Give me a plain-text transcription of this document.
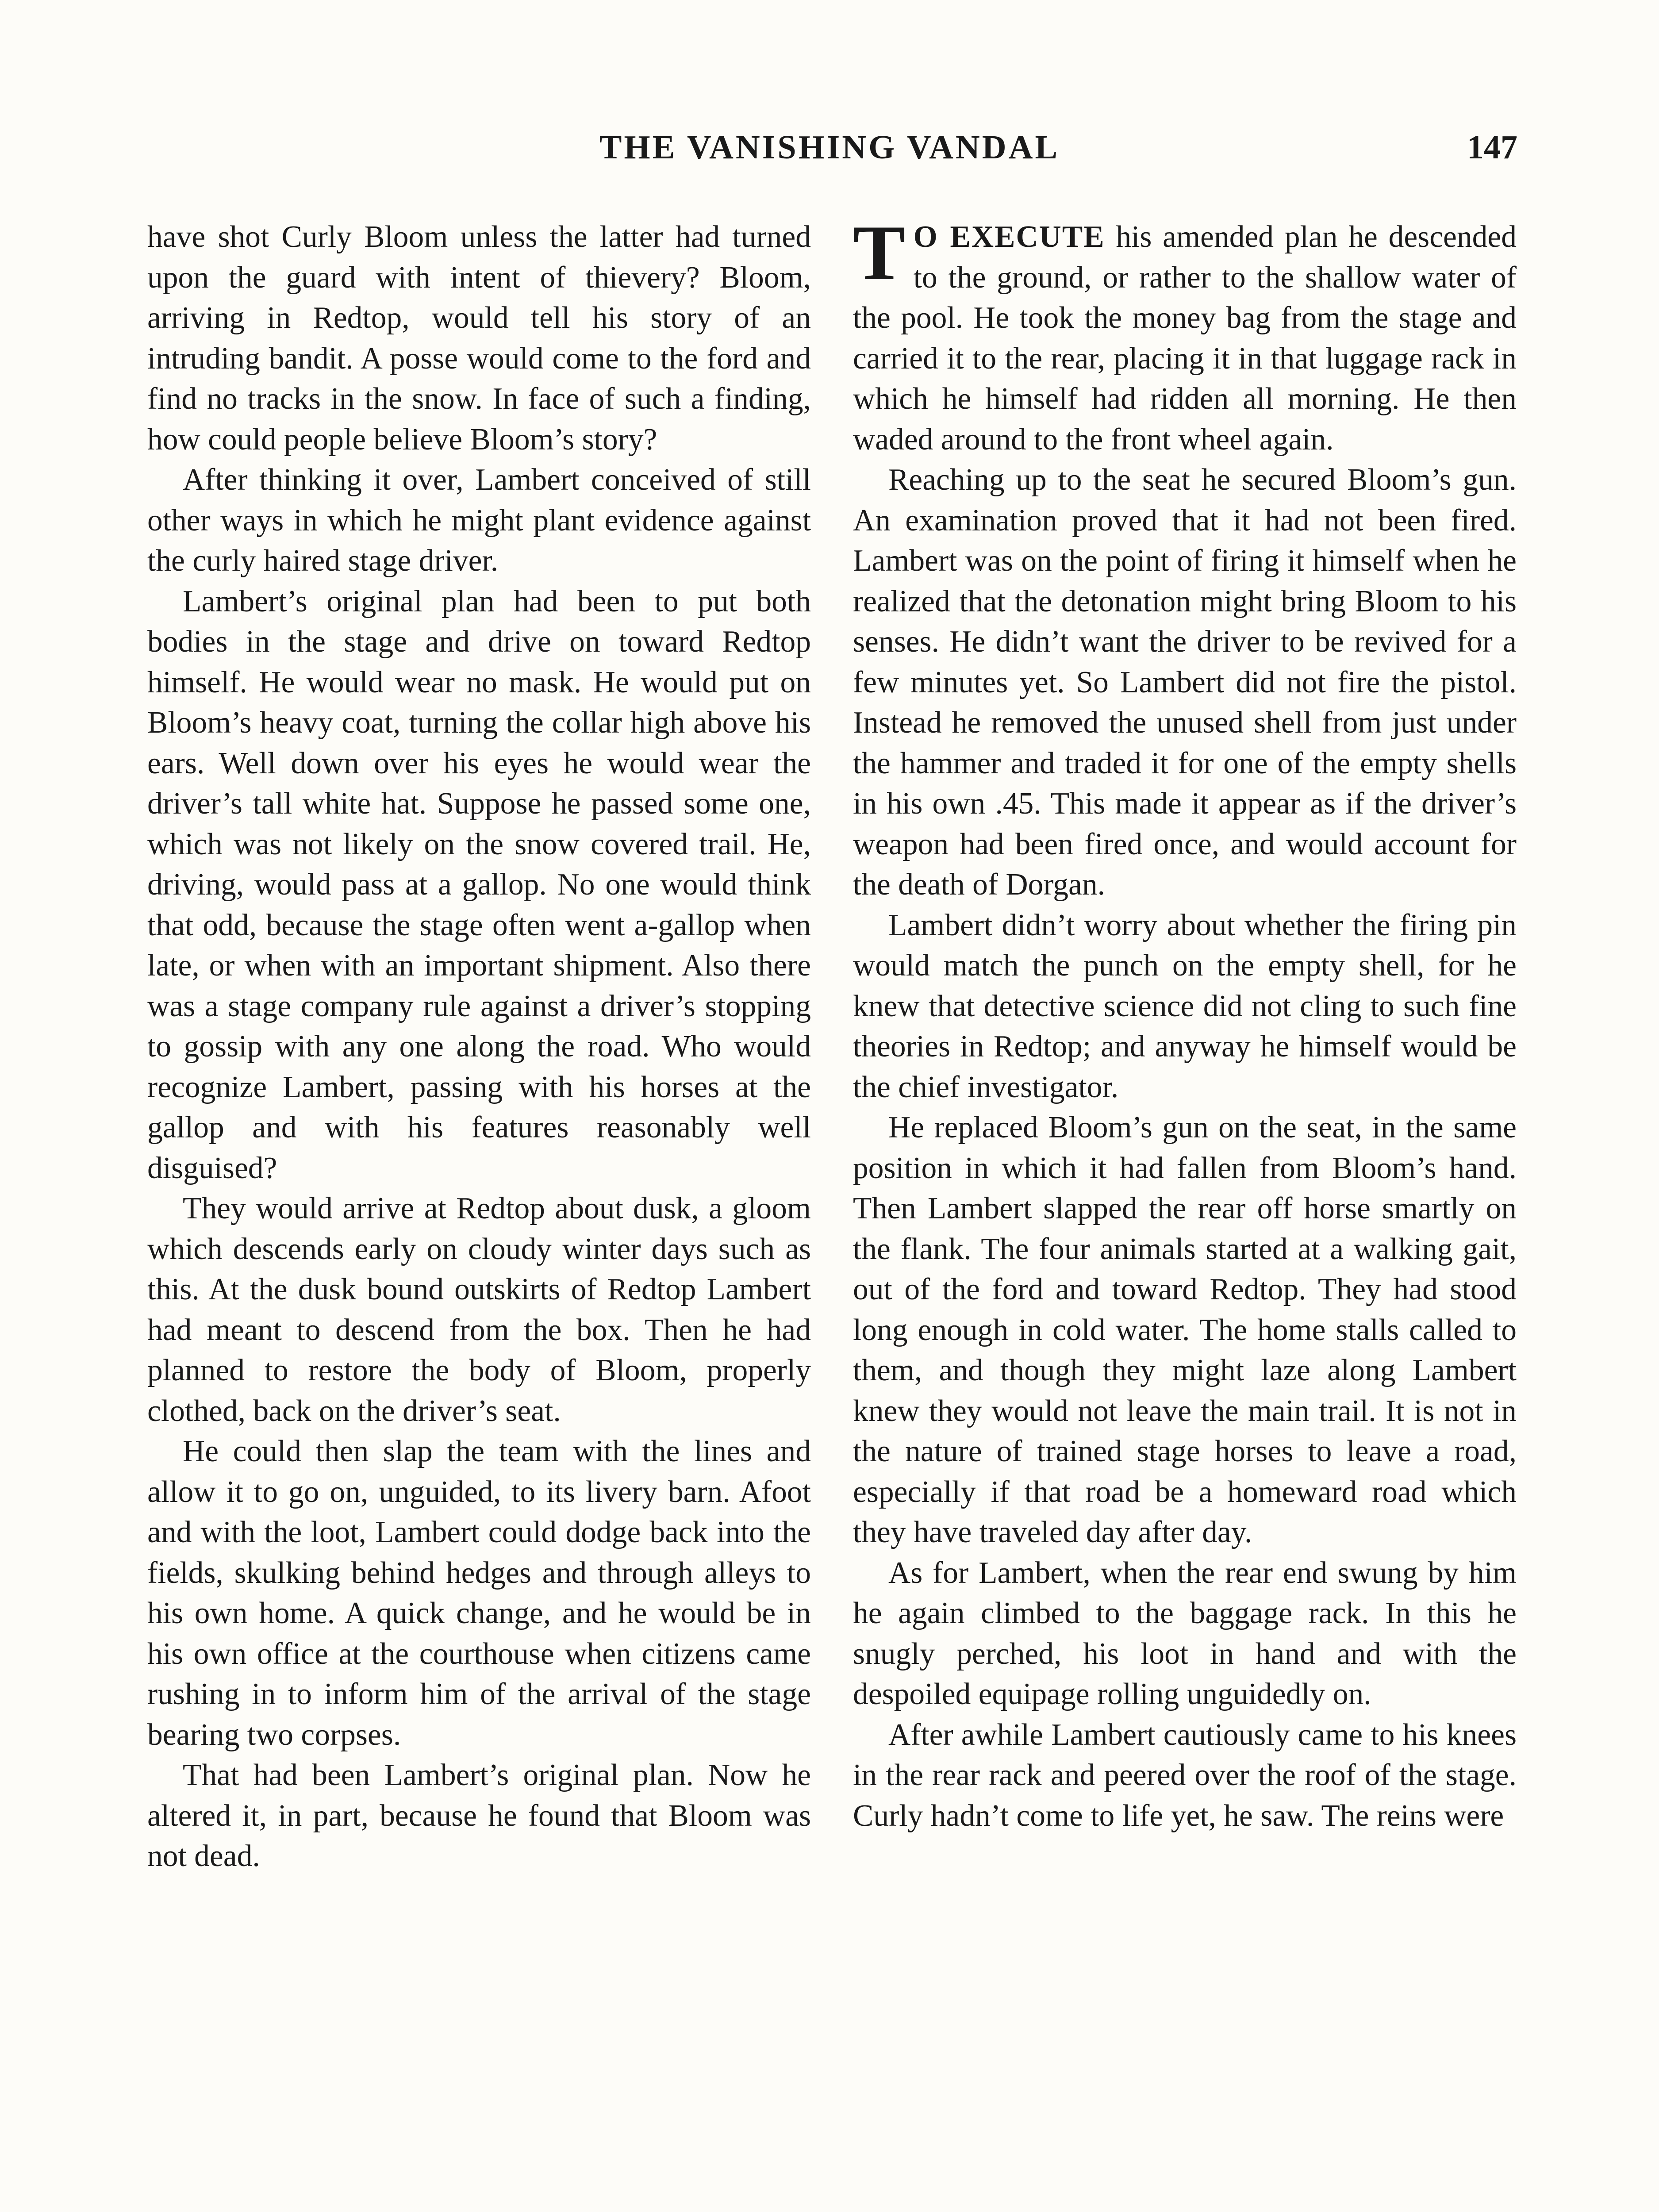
THE VANISHING VANDAL	147

have shot Curly Bloom unless the latter had turned upon the guard with intent of thievery? Bloom, arriving in Redtop, would tell his story of an intruding bandit. A posse would come to the ford and find no tracks in the snow. In face of such a finding, how could people believe Bloom’s story?

After thinking it over, Lambert conceived of still other ways in which he might plant evidence against the curly haired stage driver.

Lambert’s original plan had been to put both bodies in the stage and drive on toward Redtop himself. He would wear no mask. He would put on Bloom’s heavy coat, turning the collar high above his ears. Well down over his eyes he would wear the driver’s tall white hat. Suppose he passed some one, which was not likely on the snow covered trail. He, driving, would pass at a gallop. No one would think that odd, because the stage often went a-gallop when late, or when with an important shipment. Also there was a stage company rule against a driver’s stopping to gossip with any one along the road. Who would recognize Lambert, passing with his horses at the gallop and with his features reasonably well disguised?

They would arrive at Redtop about dusk, a gloom which descends early on cloudy winter days such as this. At the dusk bound outskirts of Redtop Lambert had meant to descend from the box. Then he had planned to restore the body of Bloom, properly clothed, back on the driver’s seat.

He could then slap the team with the lines and allow it to go on, unguided, to its livery barn. Afoot and with the loot, Lambert could dodge back into the fields, skulking behind hedges and through alleys to his own home. A quick change, and he would be in his own office at the courthouse when citizens came rushing in to inform him of the arrival of the stage bearing two corpses.

That had been Lambert’s original plan. Now he altered it, in part, because he found that Bloom was not dead.

T O EXECUTE his amended plan he descended to the ground, or rather to the shallow water of the pool. He took the money bag from the stage and carried it to the rear, placing it in that luggage rack in which he himself had ridden all morning. He then waded around to the front wheel again.

Reaching up to the seat he secured Bloom’s gun. An examination proved that it had not been fired. Lambert was on the point of firing it himself when he realized that the detonation might bring Bloom to his senses. He didn’t want the driver to be revived for a few minutes yet. So Lambert did not fire the pistol. Instead he removed the unused shell from just under the hammer and traded it for one of the empty shells in his own .45. This made it appear as if the driver’s weapon had been fired once, and would account for the death of Dorgan.

Lambert didn’t worry about whether the firing pin would match the punch on the empty shell, for he knew that detective science did not cling to such fine theories in Redtop; and anyway he himself would be the chief investigator.

He replaced Bloom’s gun on the seat, in the same position in which it had fallen from Bloom’s hand. Then Lambert slapped the rear off horse smartly on the flank. The four animals started at a walking gait, out of the ford and toward Redtop. They had stood long enough in cold water. The home stalls called to them, and though they might laze along Lambert knew they would not leave the main trail. It is not in the nature of trained stage horses to leave a road, especially if that road be a homeward road which they have traveled day after day.

As for Lambert, when the rear end swung by him he again climbed to the baggage rack. In this he snugly perched, his loot in hand and with the despoiled equipage rolling unguidedly on.

After awhile Lambert cautiously came to his knees in the rear rack and peered over the roof of the stage. Curly hadn’t come to life yet, he saw. The reins were
